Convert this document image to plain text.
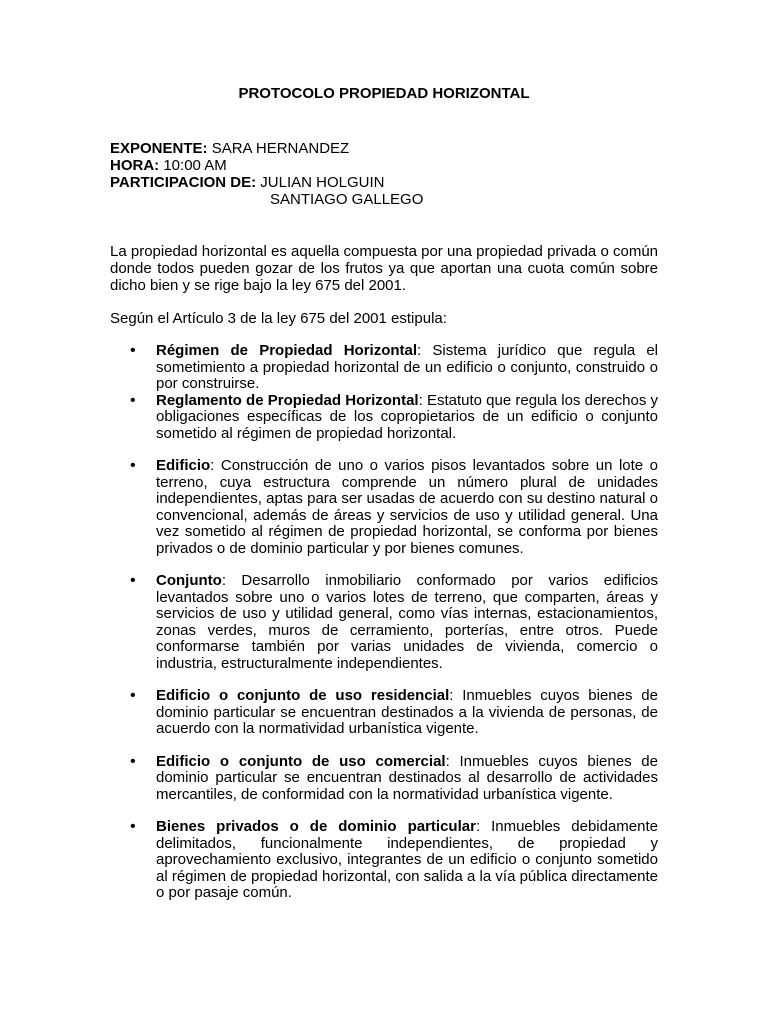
PROTOCOLO PROPIEDAD HORIZONTAL
EXPONENTE: SARA HERNANDEZ
HORA: 10:00 AM
PARTICIPACION DE: JULIAN HOLGUIN
SANTIAGO GALLEGO

La propiedad horizontal es aquella compuesta por una propiedad privada o común donde todos pueden gozar de los frutos ya que aportan una cuota común sobre dicho bien y se rige bajo la ley 675 del 2001.

Según el Artículo 3 de la ley 675 del 2001 estipula:

• Régimen de Propiedad Horizontal: Sistema jurídico que regula el sometimiento a propiedad horizontal de un edificio o conjunto, construido o por construirse.
• Reglamento de Propiedad Horizontal: Estatuto que regula los derechos y obligaciones específicas de los copropietarios de un edificio o conjunto sometido al régimen de propiedad horizontal.
• Edificio: Construcción de uno o varios pisos levantados sobre un lote o terreno, cuya estructura comprende un número plural de unidades independientes, aptas para ser usadas de acuerdo con su destino natural o convencional, además de áreas y servicios de uso y utilidad general. Una vez sometido al régimen de propiedad horizontal, se conforma por bienes privados o de dominio particular y por bienes comunes.
• Conjunto: Desarrollo inmobiliario conformado por varios edificios levantados sobre uno o varios lotes de terreno, que comparten, áreas y servicios de uso y utilidad general, como vías internas, estacionamientos, zonas verdes, muros de cerramiento, porterías, entre otros. Puede conformarse también por varias unidades de vivienda, comercio o industria, estructuralmente independientes.
• Edificio o conjunto de uso residencial: Inmuebles cuyos bienes de dominio particular se encuentran destinados a la vivienda de personas, de acuerdo con la normatividad urbanística vigente.
• Edificio o conjunto de uso comercial: Inmuebles cuyos bienes de dominio particular se encuentran destinados al desarrollo de actividades mercantiles, de conformidad con la normatividad urbanística vigente.
• Bienes privados o de dominio particular: Inmuebles debidamente delimitados, funcionalmente independientes, de propiedad y aprovechamiento exclusivo, integrantes de un edificio o conjunto sometido al régimen de propiedad horizontal, con salida a la vía pública directamente o por pasaje común.
